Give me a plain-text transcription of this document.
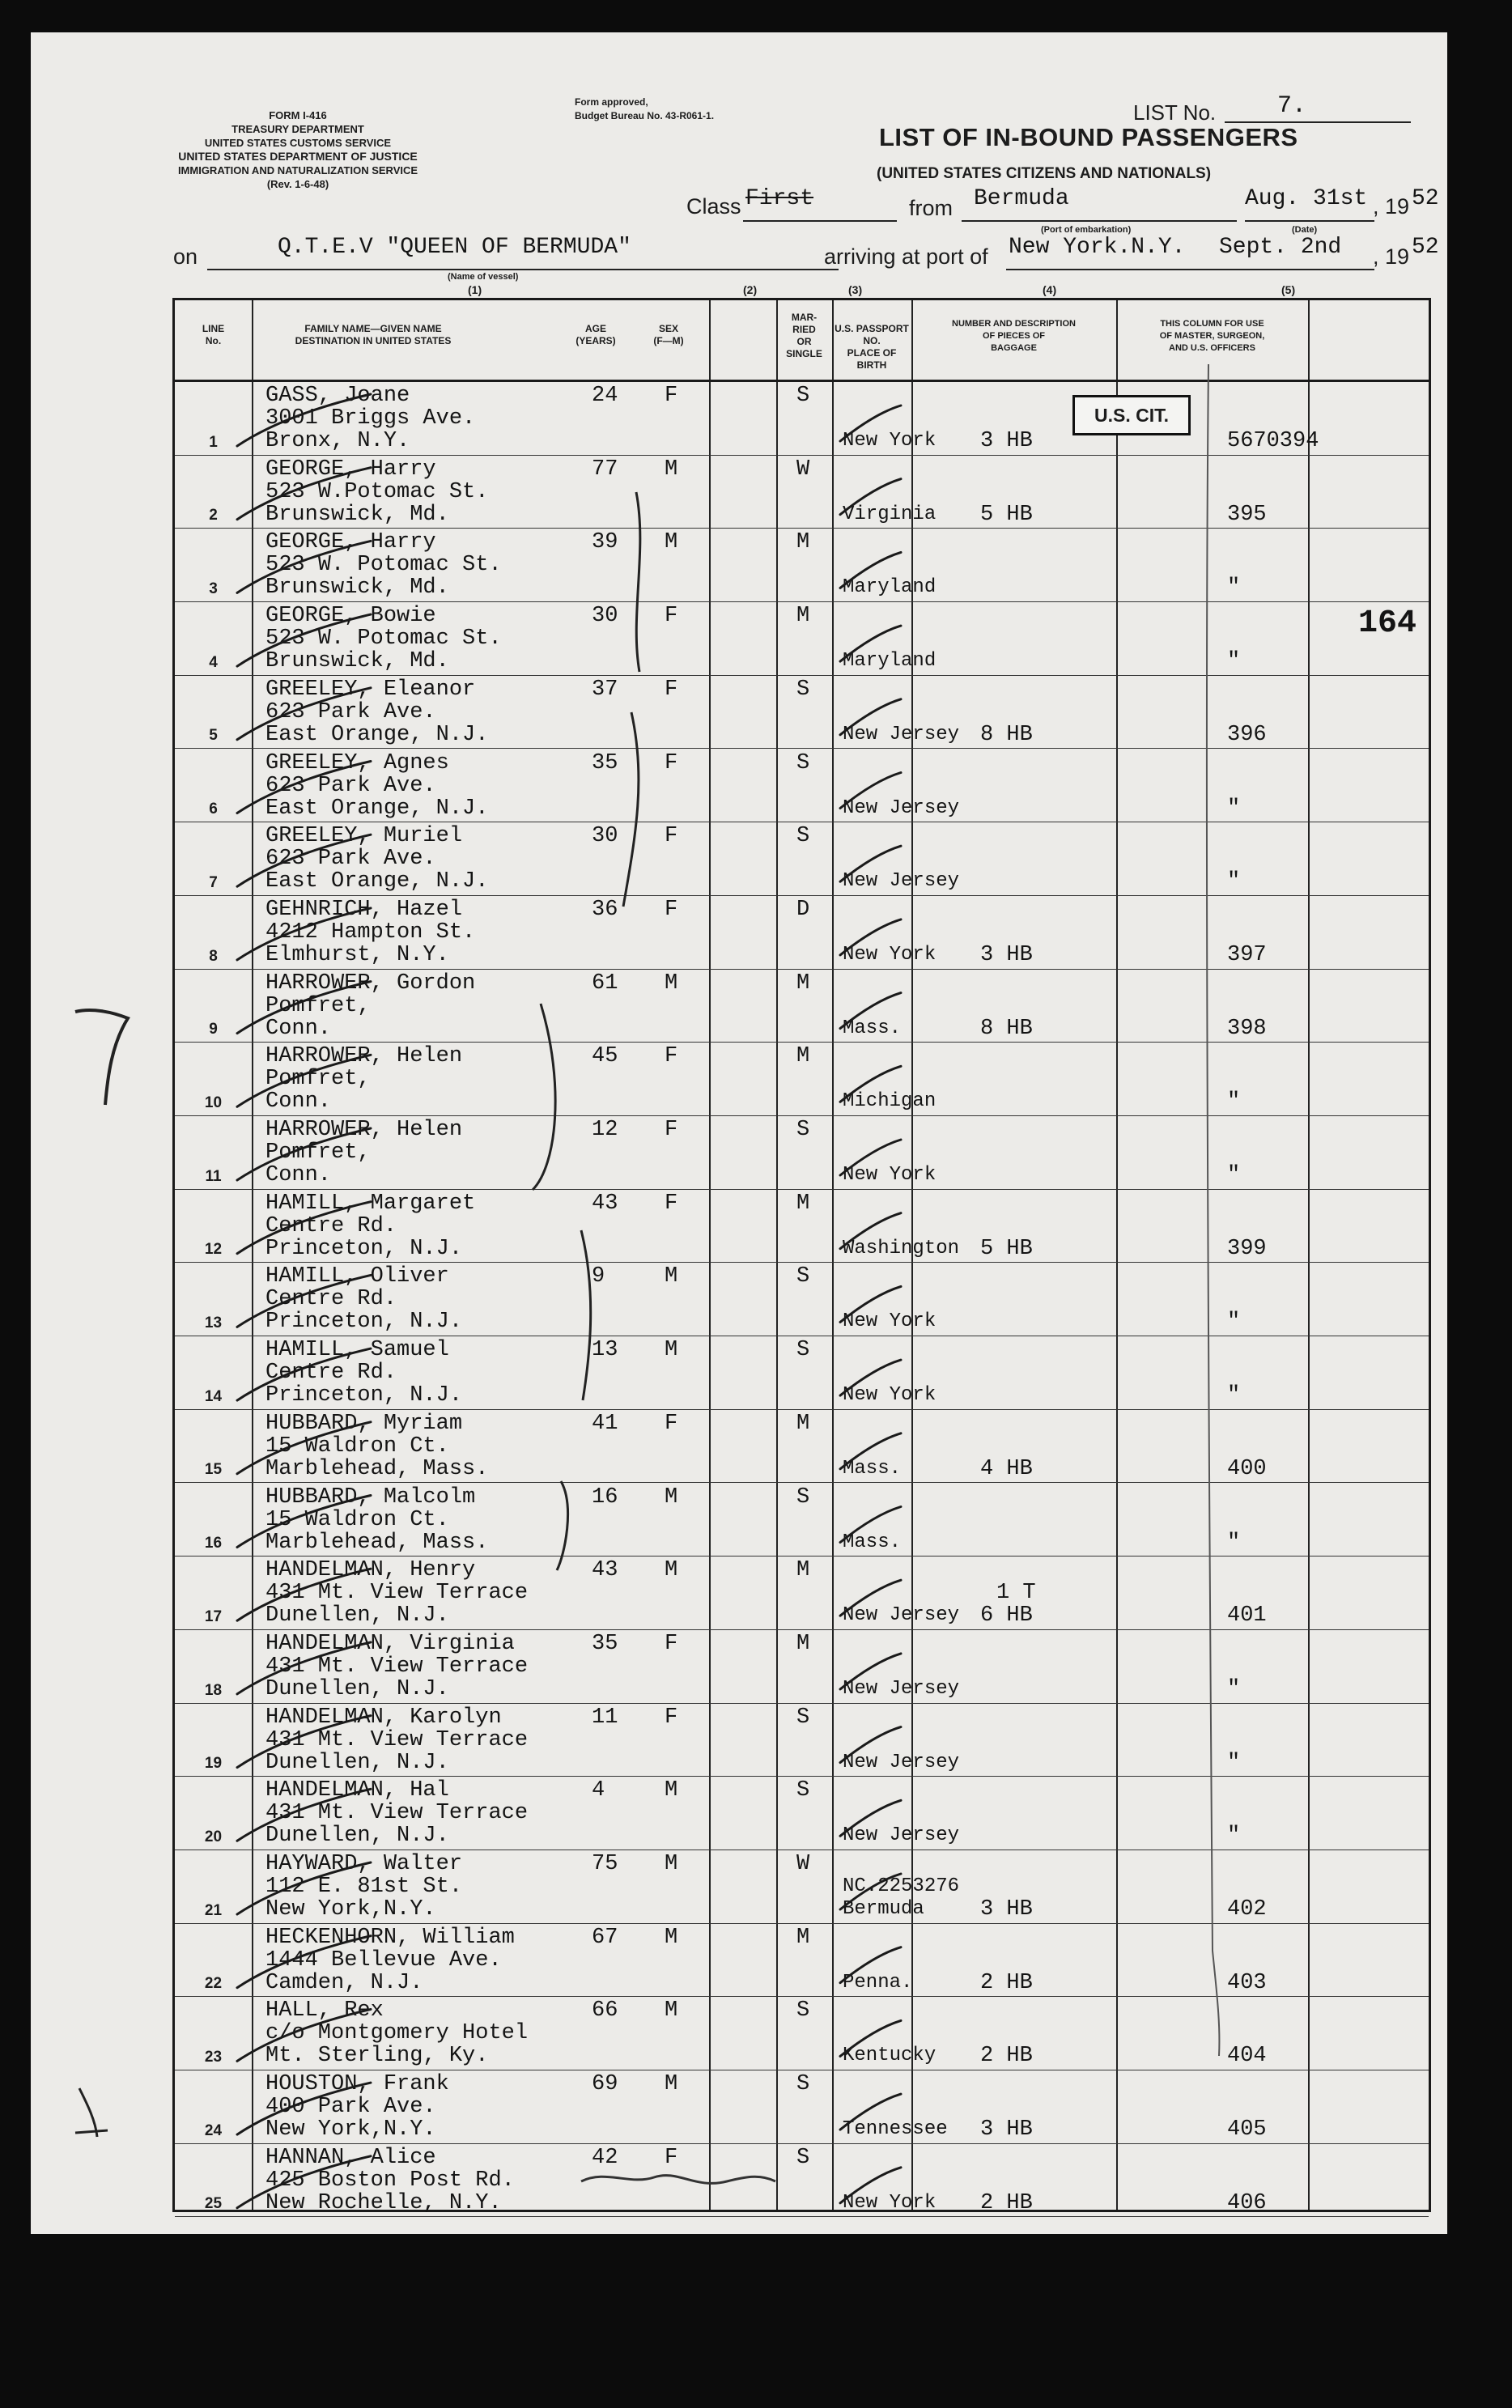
FORM I-416
TREASURY DEPARTMENT
UNITED STATES CUSTOMS SERVICE
UNITED STATES DEPARTMENT OF JUSTICE
IMMIGRATION AND NATURALIZATION SERVICE
(Rev. 1-6-48)
Form approved,
Budget Bureau No. 43-R061-1.	LIST No.	7.
LIST OF IN-BOUND PASSENGERS
(UNITED STATES CITIZENS AND NATIONALS)
Class First	from Bermuda
(Port of embarkation)
Aug. 31st , 19 52
(Date)
on	Q.T.E.V "QUEEN OF BERMUDA"
(Name of vessel)
arriving at port of New York.N.Y. Sept. 2nd , 19 52
(1)	(2)	(3)	(4)	(5)
LINE
No.
FAMILY NAME—GIVEN NAME
DESTINATION IN UNITED STATES
AGE
(YEARS)
SEX
(F—M)
MAR-
RIED
OR
SINGLE
U.S. PASSPORT NO.
PLACE OF BIRTH
NUMBER AND DESCRIPTION
OF PIECES OF
BAGGAGE
THIS COLUMN FOR USE
OF MASTER, SURGEON,
AND U.S. OFFICERS
1
GASS, Joane
3001 Briggs Ave.
Bronx, N.Y.
24 F	S
New York 3 HB	5670394
2
GEORGE, Harry
523 W.Potomac St.
Brunswick, Md.
77 M	W
Virginia 5 HB	395
3
GEORGE, Harry
523 W. Potomac St.
Brunswick, Md.
39 M	M
Maryland	"
4
GEORGE, Bowie
523 W. Potomac St.
Brunswick, Md.
30 F	M
Maryland	"
5
GREELEY, Eleanor
623 Park Ave.
East Orange, N.J.
37 F	S
New Jersey 8 HB	396
6
GREELEY, Agnes
623 Park Ave.
East Orange, N.J.
35 F	S
New Jersey	"
7
GREELEY, Muriel
623 Park Ave.
East Orange, N.J.
30 F	S
New Jersey	"
8
GEHNRICH, Hazel
4212 Hampton St.
Elmhurst, N.Y.
36 F	D
New York 3 HB	397
9
HARROWER, Gordon
Pomfret,
Conn.
61 M	M
Mass.	8 HB	398
10
HARROWER, Helen
Pomfret,
Conn.
45 F	M
Michigan	"
11
HARROWER, Helen
Pomfret,
Conn.
12 F	S
New York	"
12
HAMILL, Margaret
Centre Rd.
Princeton, N.J.
43 F	M
Washington 5 HB	399
13
HAMILL, Oliver
Centre Rd.
Princeton, N.J.
9	M	S
New York	"
14
HAMILL, Samuel
Centre Rd.
Princeton, N.J.
13 M	S
New York	"
15
HUBBARD, Myriam
15 Waldron Ct.
Marblehead, Mass.
41 F	M
Mass.	4 HB	400
16
HUBBARD, Malcolm
15 Waldron Ct.
Marblehead, Mass.
16 M	S
Mass.	"
17
HANDELMAN, Henry
431 Mt. View Terrace
Dunellen, N.J.
43 M	M
New Jersey
1 T
6 HB	401
18
HANDELMAN, Virginia
431 Mt. View Terrace
Dunellen, N.J.
35 F	M
New Jersey	"
19
HANDELMAN, Karolyn
431 Mt. View Terrace
Dunellen, N.J.
11 F	S
New Jersey	"
20
HANDELMAN, Hal
431 Mt. View Terrace
Dunellen, N.J.
4	M	S
New Jersey	"
21
HAYWARD, Walter
112 E. 81st St.
New York,N.Y.
75 M	W
NC.2253276
Bermuda	3 HB	402
22
HECKENHORN, William
1444 Bellevue Ave.
Camden, N.J.
67 M	M
Penna.	2 HB	403
23
HALL, Rex
c/o Montgomery Hotel
Mt. Sterling, Ky.
66 M	S
Kentucky 2 HB	404
24
HOUSTON, Frank
400 Park Ave.
New York,N.Y.
69 M	S
Tennessee 3 HB	405
25
HANNAN, Alice
425 Boston Post Rd.
New Rochelle, N.Y.
42 F	S
New York 2 HB	406
U.S. CIT.
164
